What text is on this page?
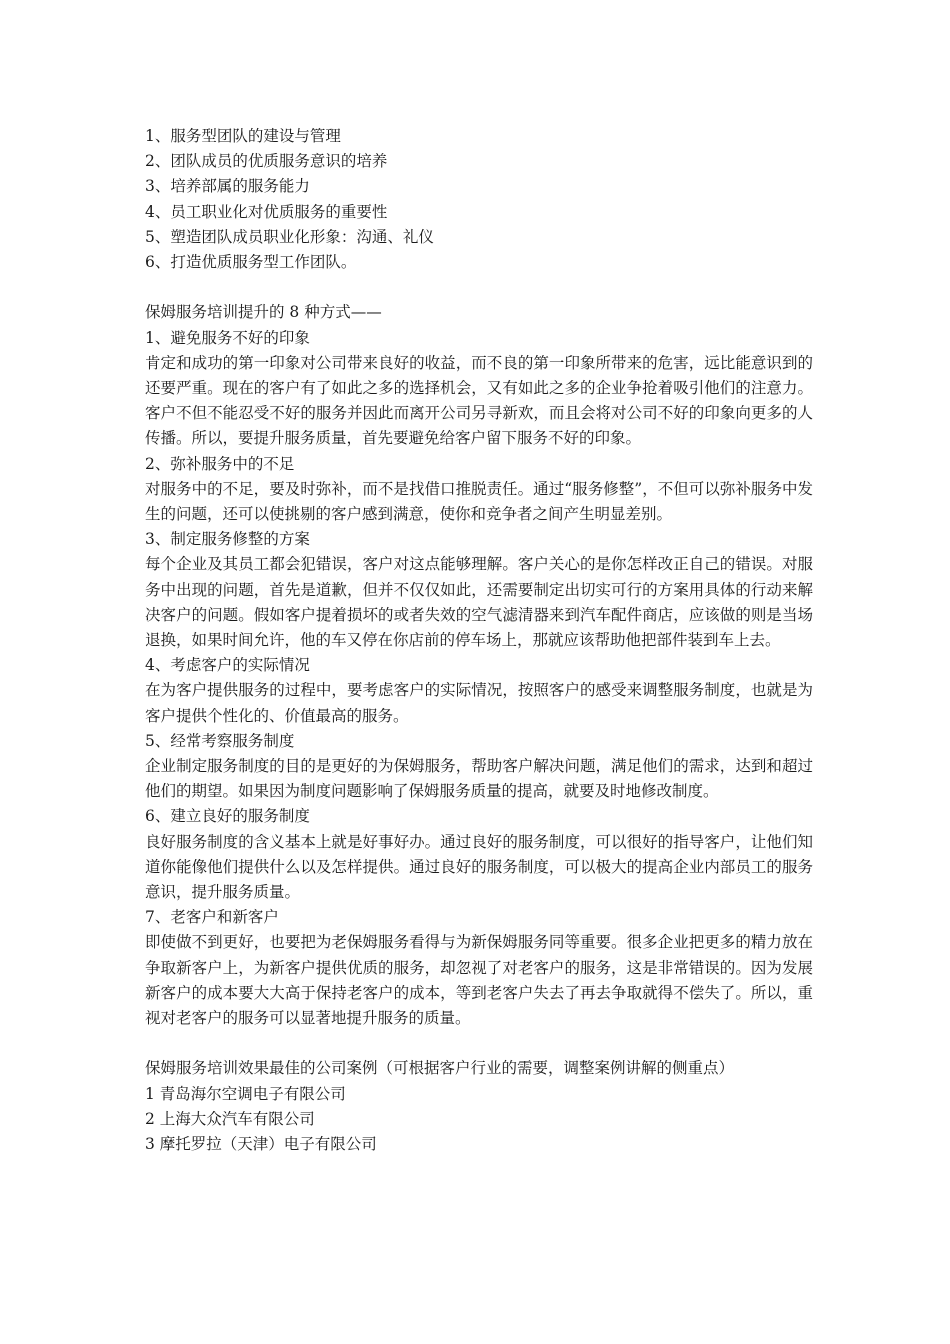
1、服务型团队的建设与管理

2、团队成员的优质服务意识的培养

3、培养部属的服务能力

4、员工职业化对优质服务的重要性

5、塑造团队成员职业化形象：沟通、礼仪

6、打造优质服务型工作团队。

保姆服务培训提升的 8 种方式——

1、避免服务不好的印象

肯定和成功的第一印象对公司带来良好的收益，而不良的第一印象所带来的危害，远比能意识到的还要严重。现在的客户有了如此之多的选择机会，又有如此之多的企业争抢着吸引他们的注意力。客户不但不能忍受不好的服务并因此而离开公司另寻新欢，而且会将对公司不好的印象向更多的人传播。所以，要提升服务质量，首先要避免给客户留下服务不好的印象。

2、弥补服务中的不足

对服务中的不足，要及时弥补，而不是找借口推脱责任。通过“服务修整”，不但可以弥补服务中发生的问题，还可以使挑剔的客户感到满意，使你和竞争者之间产生明显差别。

3、制定服务修整的方案

每个企业及其员工都会犯错误，客户对这点能够理解。客户关心的是你怎样改正自己的错误。对服务中出现的问题，首先是道歉，但并不仅仅如此，还需要制定出切实可行的方案用具体的行动来解决客户的问题。假如客户提着损坏的或者失效的空气滤清器来到汽车配件商店，应该做的则是当场退换，如果时间允许，他的车又停在你店前的停车场上，那就应该帮助他把部件装到车上去。

4、考虑客户的实际情况

在为客户提供服务的过程中，要考虑客户的实际情况，按照客户的感受来调整服务制度，也就是为客户提供个性化的、价值最高的服务。

5、经常考察服务制度

企业制定服务制度的目的是更好的为保姆服务，帮助客户解决问题，满足他们的需求，达到和超过他们的期望。如果因为制度问题影响了保姆服务质量的提高，就要及时地修改制度。

6、建立良好的服务制度

良好服务制度的含义基本上就是好事好办。通过良好的服务制度，可以很好的指导客户，让他们知道你能像他们提供什么以及怎样提供。通过良好的服务制度，可以极大的提高企业内部员工的服务意识，提升服务质量。

7、老客户和新客户

即使做不到更好，也要把为老保姆服务看得与为新保姆服务同等重要。很多企业把更多的精力放在争取新客户上，为新客户提供优质的服务，却忽视了对老客户的服务，这是非常错误的。因为发展新客户的成本要大大高于保持老客户的成本，等到老客户失去了再去争取就得不偿失了。所以，重视对老客户的服务可以显著地提升服务的质量。

保姆服务培训效果最佳的公司案例（可根据客户行业的需要，调整案例讲解的侧重点）

1 青岛海尔空调电子有限公司

2 上海大众汽车有限公司

3 摩托罗拉（天津）电子有限公司
